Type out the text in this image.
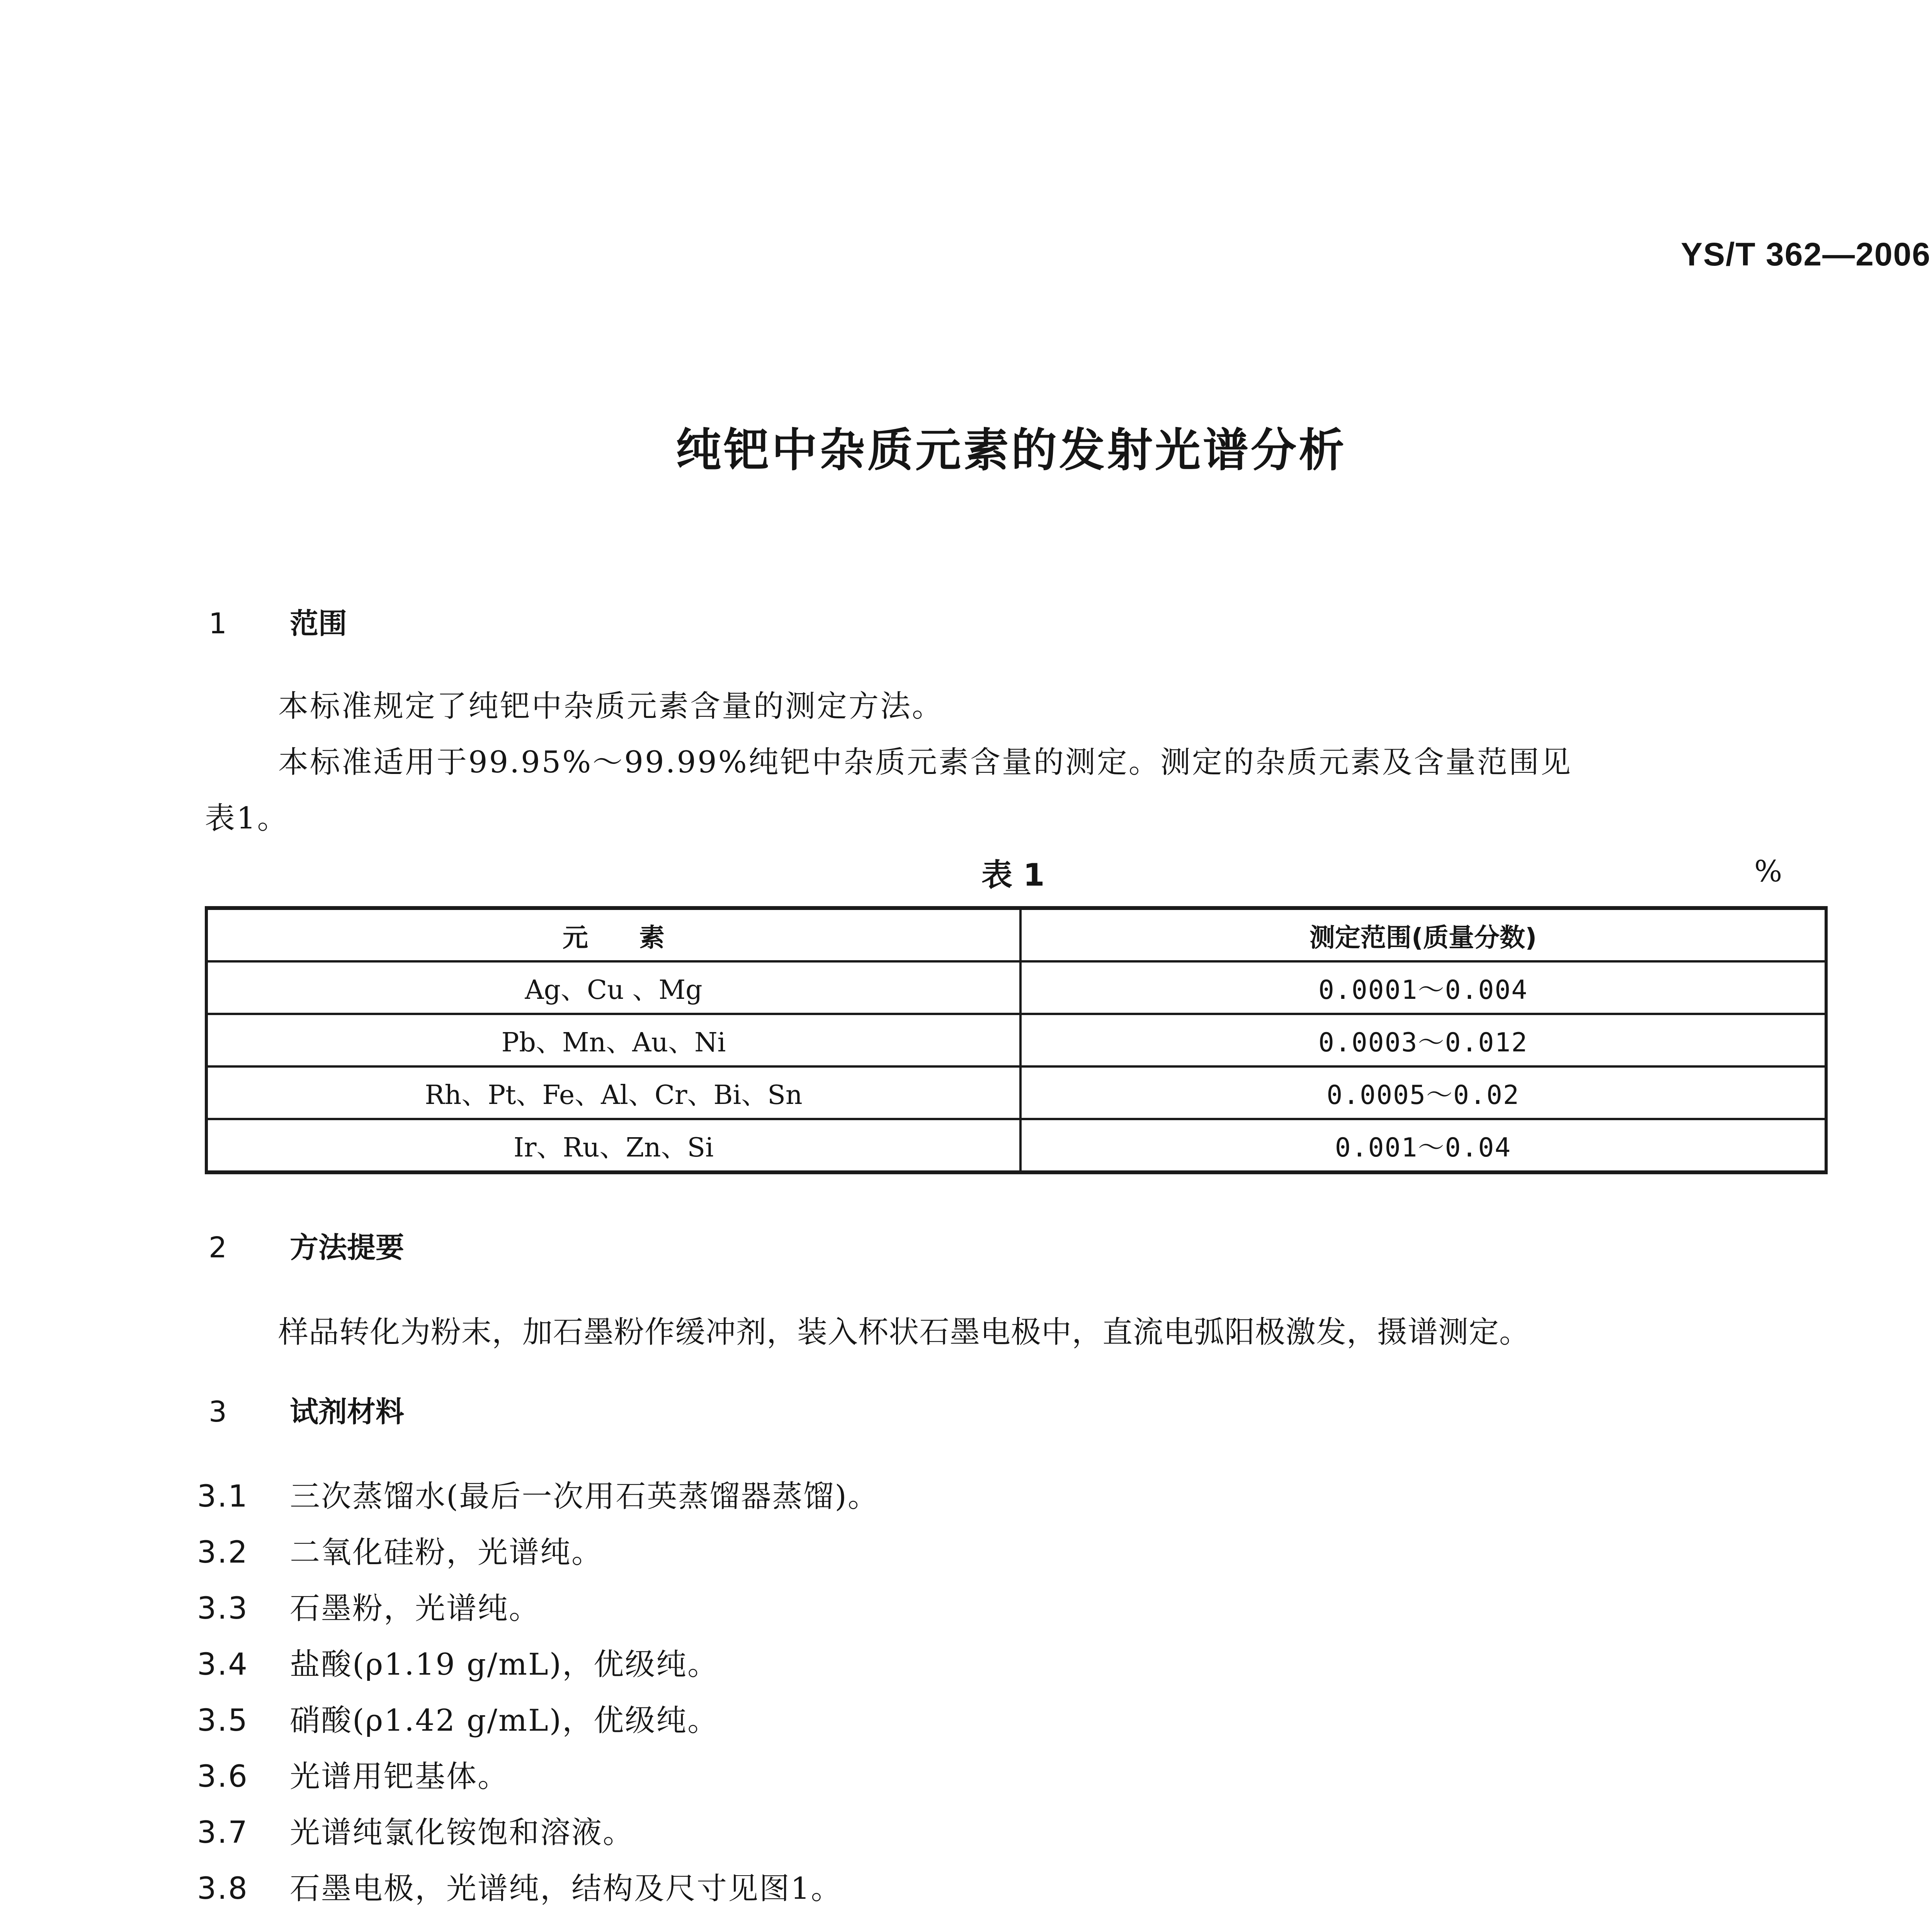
YS/T 362—2006
纯钯中杂质元素的发射光谱分析
1 范围
本标准规定了纯钯中杂质元素含量的测定方法。
本标准适用于99.95%～99.99%纯钯中杂质元素含量的测定。测定的杂质元素及含量范围见
表1。
表 1	%
元　　素	测定范围(质量分数)
Ag、Cu 、Mg	0.0001～0.004
Pb、Mn、Au、Ni	0.0003～0.012
Rh、Pt、Fe、Al、Cr、Bi、Sn	0.0005～0.02
Ir、Ru、Zn、Si	0.001～0.04
2 方法提要
样品转化为粉末，加石墨粉作缓冲剂，装入杯状石墨电极中，直流电弧阳极激发，摄谱测定。
3 试剂材料
3.1 三次蒸馏水(最后一次用石英蒸馏器蒸馏)。
3.2 二氧化硅粉，光谱纯。
3.3 石墨粉，光谱纯。
3.4 盐酸(ρ1.19 g/mL)，优级纯。
3.5 硝酸(ρ1.42 g/mL)，优级纯。
3.6 光谱用钯基体。
3.7 光谱纯氯化铵饱和溶液。
3.8 石墨电极，光谱纯，结构及尺寸见图1。
